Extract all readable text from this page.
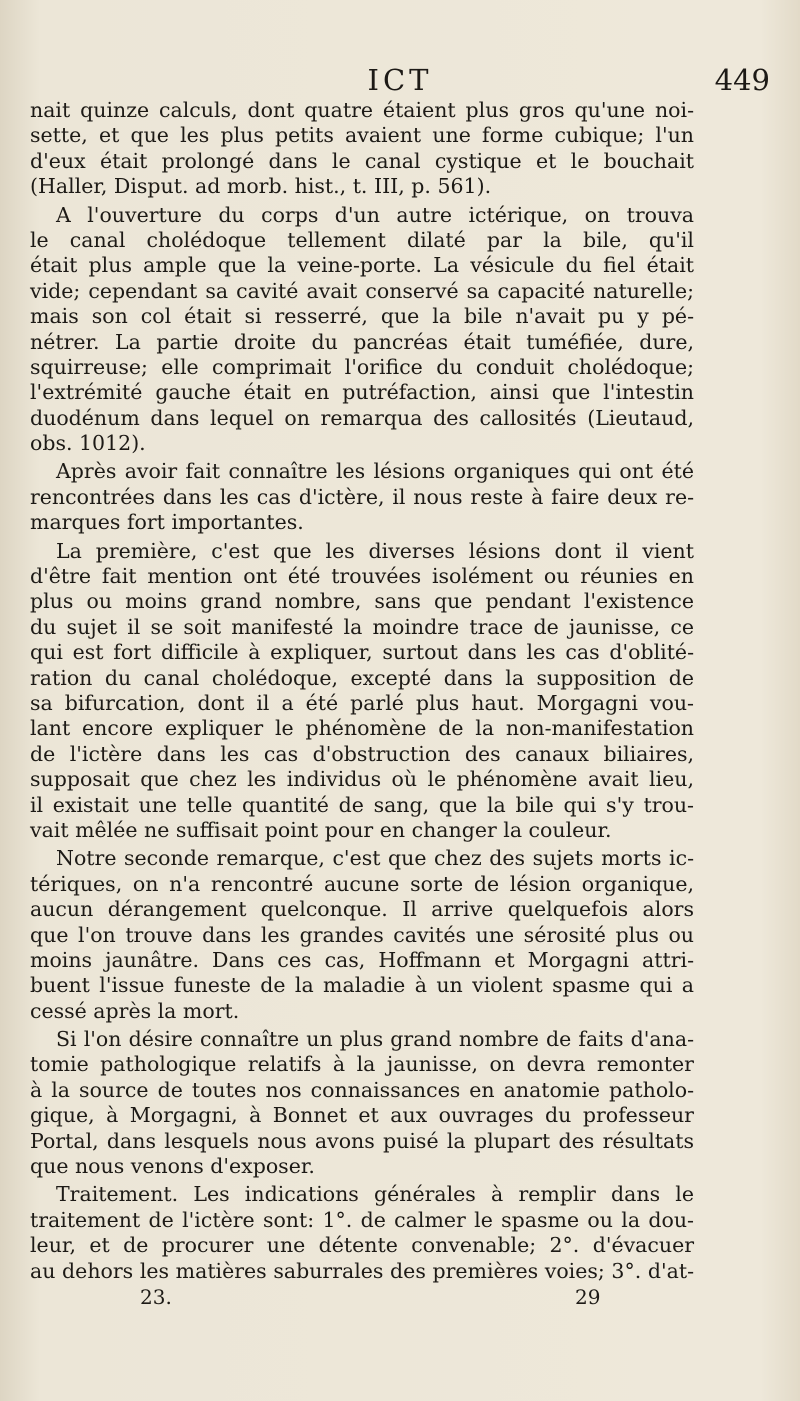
ICT	449
nait quinze calculs, dont quatre étaient plus gros qu'une noi-
sette, et que les plus petits avaient une forme cubique; l'un
d'eux était prolongé dans le canal cystique et le bouchait
(Haller, Disput. ad morb. hist., t. III, p. 561).
A l'ouverture du corps d'un autre ictérique, on trouva
le canal cholédoque tellement dilaté par la bile, qu'il
était plus ample que la veine-porte. La vésicule du fiel était
vide; cependant sa cavité avait conservé sa capacité naturelle;
mais son col était si resserré, que la bile n'avait pu y pé-
nétrer. La partie droite du pancréas était tuméfiée, dure,
squirreuse; elle comprimait l'orifice du conduit cholédoque;
l'extrémité gauche était en putréfaction, ainsi que l'intestin
duodénum dans lequel on remarqua des callosités (Lieutaud,
obs. 1012).
Après avoir fait connaître les lésions organiques qui ont été
rencontrées dans les cas d'ictère, il nous reste à faire deux re-
marques fort importantes.
La première, c'est que les diverses lésions dont il vient
d'être fait mention ont été trouvées isolément ou réunies en
plus ou moins grand nombre, sans que pendant l'existence
du sujet il se soit manifesté la moindre trace de jaunisse, ce
qui est fort difficile à expliquer, surtout dans les cas d'oblité-
ration du canal cholédoque, excepté dans la supposition de
sa bifurcation, dont il a été parlé plus haut. Morgagni vou-
lant encore expliquer le phénomène de la non-manifestation
de l'ictère dans les cas d'obstruction des canaux biliaires,
supposait que chez les individus où le phénomène avait lieu,
il existait une telle quantité de sang, que la bile qui s'y trou-
vait mêlée ne suffisait point pour en changer la couleur.
Notre seconde remarque, c'est que chez des sujets morts ic-
tériques, on n'a rencontré aucune sorte de lésion organique,
aucun dérangement quelconque. Il arrive quelquefois alors
que l'on trouve dans les grandes cavités une sérosité plus ou
moins jaunâtre. Dans ces cas, Hoffmann et Morgagni attri-
buent l'issue funeste de la maladie à un violent spasme qui a
cessé après la mort.
Si l'on désire connaître un plus grand nombre de faits d'ana-
tomie pathologique relatifs à la jaunisse, on devra remonter
à la source de toutes nos connaissances en anatomie patholo-
gique, à Morgagni, à Bonnet et aux ouvrages du professeur
Portal, dans lesquels nous avons puisé la plupart des résultats
que nous venons d'exposer.
Traitement. Les indications générales à remplir dans le
traitement de l'ictère sont: 1°. de calmer le spasme ou la dou-
leur, et de procurer une détente convenable; 2°. d'évacuer
au dehors les matières saburrales des premières voies; 3°. d'at-
23.	29
